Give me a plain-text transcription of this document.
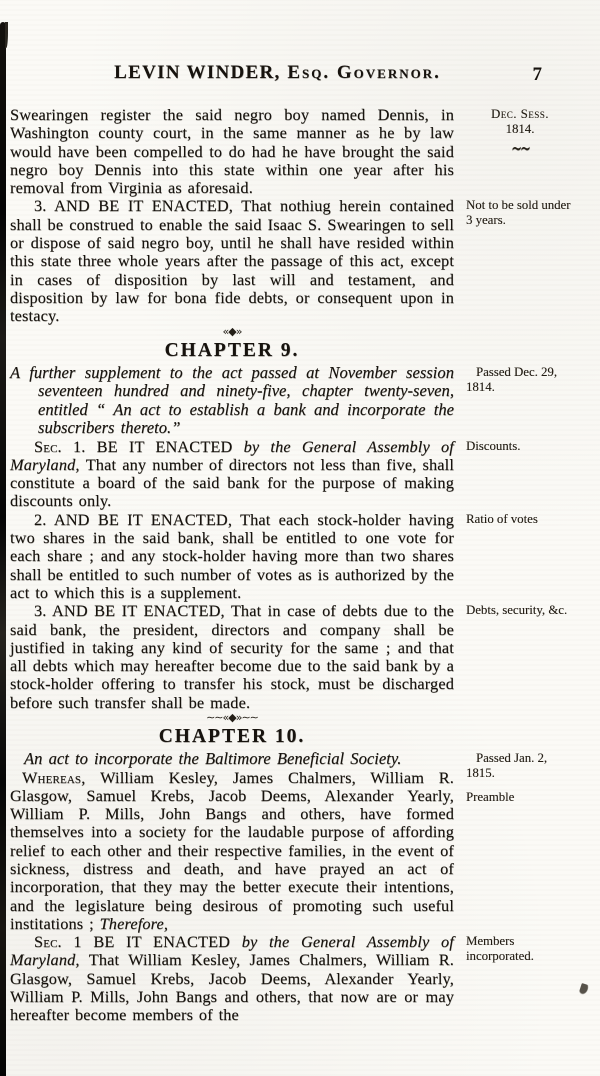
LEVIN WINDER, Esq. Governor.	7

Swearingen register the said negro boy named Dennis, in Washington county court, in the same manner as he by law would have been compelled to do had he have brought the said negro boy Dennis into this state within one year after his removal from Virginia as aforesaid.

Dec. Sess.
1814.
∼∼

3. AND BE IT ENACTED, That nothiug herein contained shall be construed to enable the said Isaac S. Swearingen to sell or dispose of said negro boy, until he shall have resided within this state three whole years after the passage of this act, except in cases of disposition by last will and testament, and disposition by law for bona fide debts, or consequent upon in testacy.

Not to be sold under 3 years.
«◆»
CHAPTER 9.

A further supplement to the act passed at November session seventeen hundred and ninety-five, chapter twenty-seven, entitled “ An act to establish a bank and incorporate the subscribers thereto.”

Passed Dec. 29, 1814.

Sec. 1. BE IT ENACTED by the General Assembly of Maryland, That any number of directors not less than five, shall constitute a board of the said bank for the purpose of making discounts only.

Discounts.

2. AND BE IT ENACTED, That each stock-holder having two shares in the said bank, shall be entitled to one vote for each share ; and any stock-holder having more than two shares shall be entitled to such number of votes as is authorized by the act to which this is a supplement.

Ratio of votes

3. AND BE IT ENACTED, That in case of debts due to the said bank, the president, directors and company shall be justified in taking any kind of security for the same ; and that all debts which may hereafter become due to the said bank by a stock-holder offering to transfer his stock, must be discharged before such transfer shall be made.

Debts, security, &c.
∼∼«◆»∼∼
CHAPTER 10.

An act to incorporate the Baltimore Beneficial Society.	Passed Jan. 2, 1815.

Whereas, William Kesley, James Chalmers, William R. Glasgow, Samuel Krebs, Jacob Deems, Alexander Yearly, William P. Mills, John Bangs and others, have formed themselves into a society for the laudable purpose of affording relief to each other and their respective families, in the event of sickness, distress and death, and have prayed an act of incorporation, that they may the better execute their intentions, and the legislature being desirous of promoting such useful institations ; Therefore,

Preamble

Sec. 1 BE IT ENACTED by the General Assembly of Maryland, That William Kesley, James Chalmers, William R. Glasgow, Samuel Krebs, Jacob Deems, Alexander Yearly, William P. Mills, John Bangs and others, that now are or may hereafter become members of the

Members incorporated.
